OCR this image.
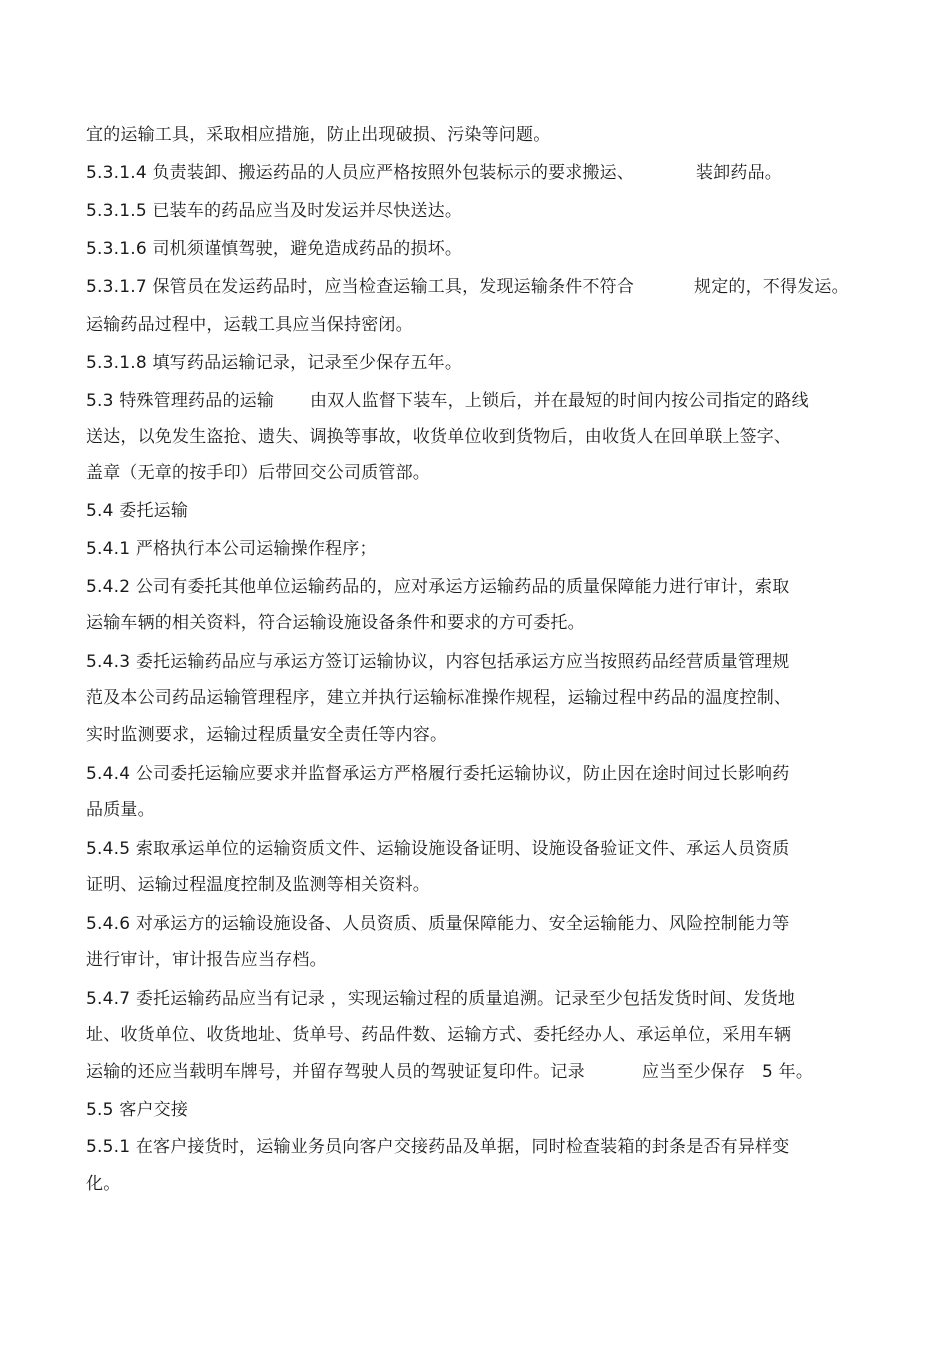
宜的运输工具，采取相应措施，防止出现破损、污染等问题。
5.3.1.4 负责装卸、搬运药品的人员应严格按照外包装标示的要求搬运、	装卸药品。
5.3.1.5 已装车的药品应当及时发运并尽快送达。
5.3.1.6 司机须谨慎驾驶，避免造成药品的损坏。
5.3.1.7 保管员在发运药品时，应当检查运输工具，发现运输条件不符合	规定的，不得发运。
运输药品过程中，运载工具应当保持密闭。
5.3.1.8 填写药品运输记录，记录至少保存五年。
5.3 特殊管理药品的运输 由双人监督下装车，上锁后，并在最短的时间内按公司指定的路线
送达，以免发生盗抢、遗失、调换等事故，收货单位收到货物后，由收货人在回单联上签字、
盖章（无章的按手印）后带回交公司质管部。
5.4 委托运输
5.4.1 严格执行本公司运输操作程序；
5.4.2 公司有委托其他单位运输药品的，应对承运方运输药品的质量保障能力进行审计，索取
运输车辆的相关资料，符合运输设施设备条件和要求的方可委托。
5.4.3 委托运输药品应与承运方签订运输协议，内容包括承运方应当按照药品经营质量管理规
范及本公司药品运输管理程序，建立并执行运输标准操作规程，运输过程中药品的温度控制、
实时监测要求，运输过程质量安全责任等内容。
5.4.4 公司委托运输应要求并监督承运方严格履行委托运输协议，防止因在途时间过长影响药
品质量。
5.4.5 索取承运单位的运输资质文件、运输设施设备证明、设施设备验证文件、承运人员资质
证明、运输过程温度控制及监测等相关资料。
5.4.6 对承运方的运输设施设备、人员资质、质量保障能力、安全运输能力、风险控制能力等
进行审计，审计报告应当存档。
5.4.7 委托运输药品应当有记录 ，实现运输过程的质量追溯。记录至少包括发货时间、发货地
址、收货单位、收货地址、货单号、药品件数、运输方式、委托经办人、承运单位，采用车辆
运输的还应当载明车牌号，并留存驾驶人员的驾驶证复印件。记录	应当至少保存 5 年。
5.5 客户交接
5.5.1 在客户接货时，运输业务员向客户交接药品及单据，同时检查装箱的封条是否有异样变
化。
